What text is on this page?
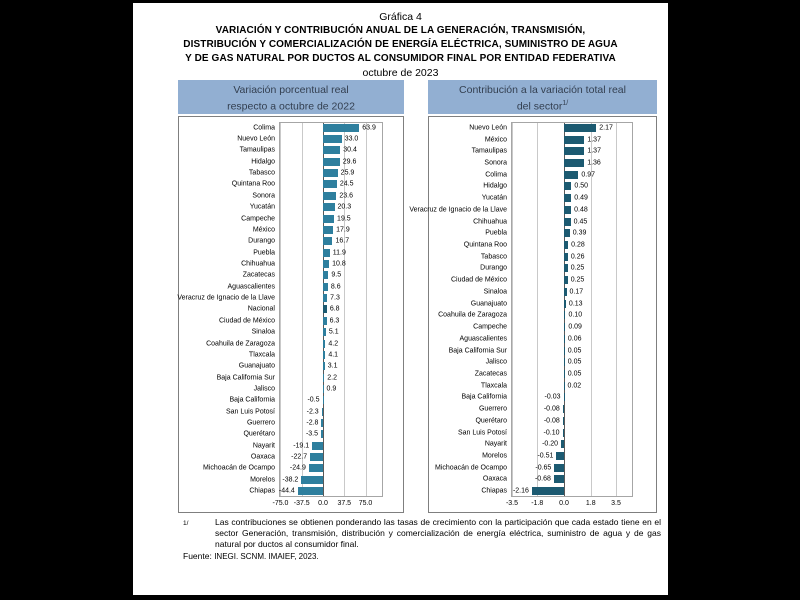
Gráfica 4
VARIACIÓN Y CONTRIBUCIÓN ANUAL DE LA GENERACIÓN, TRANSMISIÓN,
DISTRIBUCIÓN Y COMERCIALIZACIÓN DE ENERGÍA ELÉCTRICA, SUMINISTRO DE AGUA
Y DE GAS NATURAL POR DUCTOS AL CONSUMIDOR FINAL POR ENTIDAD FEDERATIVA
octubre de 2023
Variación porcentual real
respecto a octubre de 2022
Colima	63.9
Nuevo León	33.0
Tamaulipas	30.4
Hidalgo	29.6
Tabasco	25.9
Quintana Roo	24.5
Sonora	23.6
Yucatán	20.3
Campeche	19.5
México	17.9
Durango	16.7
Puebla	11.9
Chihuahua	10.8
Zacatecas	9.5
Aguascalientes	8.6
Veracruz de Ignacio de la Llave	7.3
Nacional	6.8
Ciudad de México	6.3
Sinaloa	5.1
Coahuila de Zaragoza	4.2
Tlaxcala	4.1
Guanajuato	3.1
Baja California Sur	2.2
Jalisco	0.9
Baja California	-0.5
San Luis Potosí	-2.3
Guerrero	-2.8
Querétaro	-3.5
Nayarit	-19.1
Oaxaca -22.7
Michoacán de Ocampo -24.9
Morelos -38.2
Chiapas -44.4
-75.0 -37.5 0.0 37.5 75.0
Contribución a la variación total real
del sector$^{1/}$
Nuevo León	2.17
México	1.37
Tamaulipas	1.37
Sonora	1.36
Colima	0.97
Hidalgo	0.50
Yucatán	0.49
Veracruz de Ignacio de la Llave	0.48
Chihuahua	0.45
Puebla	0.39
Quintana Roo	0.28
Tabasco	0.26
Durango	0.25
Ciudad de México	0.25
Sinaloa	0.17
Guanajuato	0.13
Coahuila de Zaragoza	0.10
Campeche	0.09
Aguascalientes	0.06
Baja California Sur	0.05
Jalisco	0.05
Zacatecas	0.05
Tlaxcala	0.02
Baja California	-0.03
Guerrero	-0.08
Querétaro	-0.08
San Luis Potosí	-0.10
Nayarit	-0.20
Morelos	-0.51
Michoacán de Ocampo	-0.65
Oaxaca	-0.68
Chiapas -2.16
-3.5 -1.8 0.0 1.8 3.5
1/	Las contribuciones se obtienen ponderando las tasas de crecimiento con la participación que cada estado tiene en el sector Generación, transmisión, distribución y comercialización de energía eléctrica, suministro de agua y de gas natural por ductos al consumidor final.
Fuente: INEGI. SCNM. IMAIEF, 2023.
